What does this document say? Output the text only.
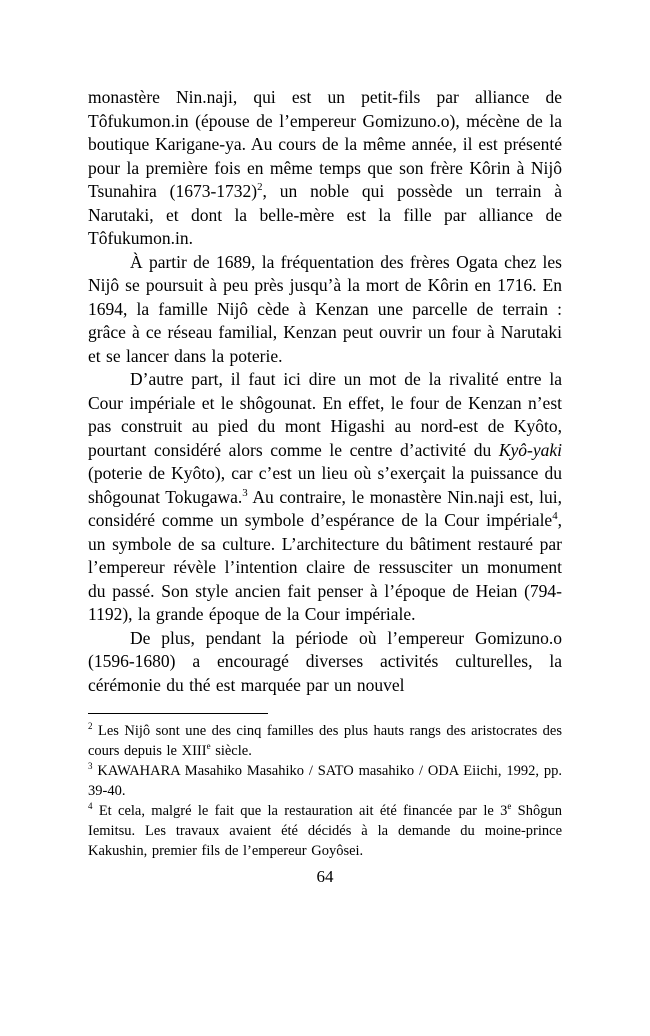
monastère Nin.naji, qui est un petit-fils par alliance de Tôfukumon.in (épouse de l’empereur Gomizuno.o), mécène de la boutique Karigane-ya. Au cours de la même année, il est présenté pour la première fois en même temps que son frère Kôrin à Nijô Tsunahira (1673-1732)$^2$, un noble qui possède un terrain à Narutaki, et dont la belle-mère est la fille par alliance de Tôfukumon.in.

À partir de 1689, la fréquentation des frères Ogata chez les Nijô se poursuit à peu près jusqu’à la mort de Kôrin en 1716. En 1694, la famille Nijô cède à Kenzan une parcelle de terrain : grâce à ce réseau familial, Kenzan peut ouvrir un four à Narutaki et se lancer dans la poterie.

D’autre part, il faut ici dire un mot de la rivalité entre la Cour impériale et le shôgounat. En effet, le four de Kenzan n’est pas construit au pied du mont Higashi au nord-est de Kyôto, pourtant considéré alors comme le centre d’activité du Kyô-yaki (poterie de Kyôto), car c’est un lieu où s’exerçait la puissance du shôgounat Tokugawa.$^3$ Au contraire, le monastère Nin.naji est, lui, considéré comme un symbole d’espérance de la Cour impériale$^4$, un symbole de sa culture. L’architecture du bâtiment restauré par l’empereur révèle l’intention claire de ressusciter un monument du passé. Son style ancien fait penser à l’époque de Heian (794-1192), la grande époque de la Cour impériale.

De plus, pendant la période où l’empereur Gomizuno.o (1596-1680) a encouragé diverses activités culturelles, la cérémonie du thé est marquée par un nouvel

$^2$ Les Nijô sont une des cinq familles des plus hauts rangs des aristocrates des cours depuis le XIIIe siècle.

$^3$ KAWAHARA Masahiko Masahiko / SATO masahiko / ODA Eiichi, 1992, pp. 39-40.

$^4$ Et cela, malgré le fait que la restauration ait été financée par le 3e Shôgun Iemitsu. Les travaux avaient été décidés à la demande du moine-prince Kakushin, premier fils de l’empereur Goyôsei.

64
